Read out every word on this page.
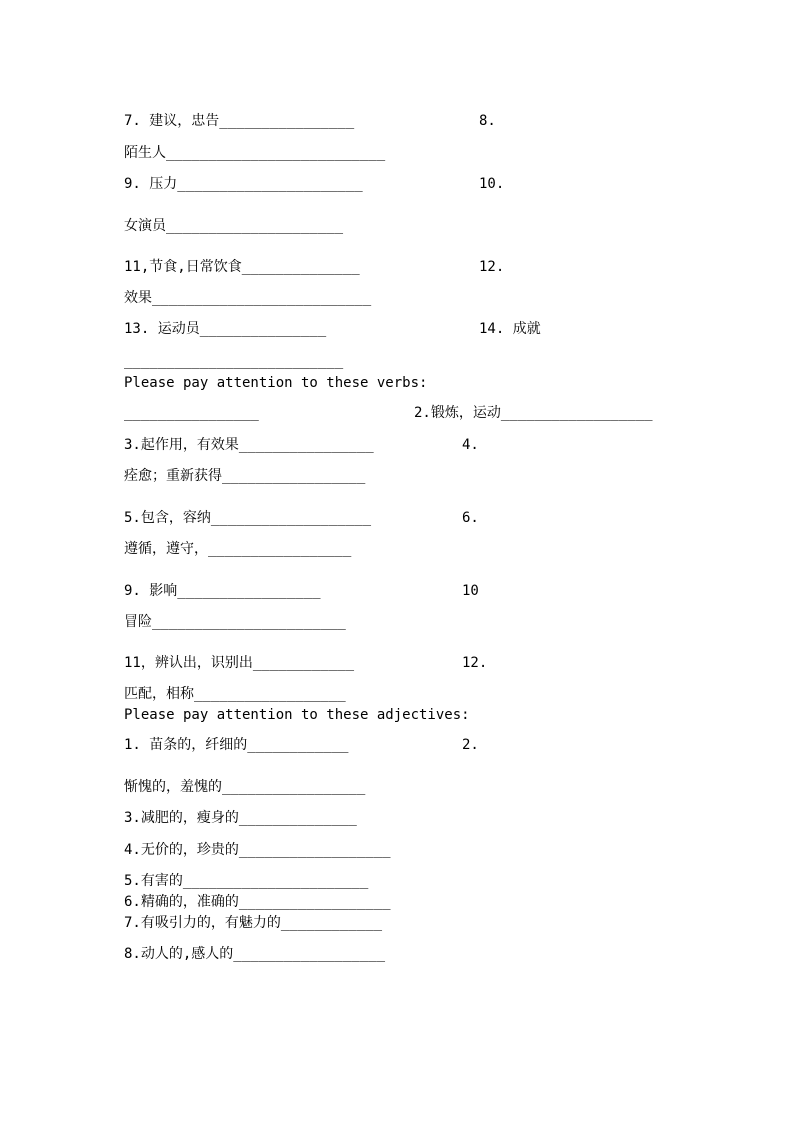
7. 建议，忠告________________	8.
陌生人__________________________
9. 压力______________________	10.
女演员_____________________
11,节食,日常饮食______________	12.
效果__________________________
13. 运动员_______________	14. 成就
__________________________
Please pay attention to these verbs:
________________	2.锻炼，运动__________________
3.起作用，有效果________________	4.
痊愈；重新获得_________________
5.包含，容纳___________________	6.
遵循，遵守，_________________
9. 影响_________________	10
冒险_______________________
11，辨认出，识别出____________	12.
匹配，相称__________________
Please pay attention to these adjectives:
1. 苗条的，纤细的____________	2.
惭愧的，羞愧的_________________
3.减肥的，瘦身的______________
4.无价的，珍贵的__________________
5.有害的______________________
6.精确的，准确的__________________
7.有吸引力的，有魅力的____________
8.动人的,感人的__________________
